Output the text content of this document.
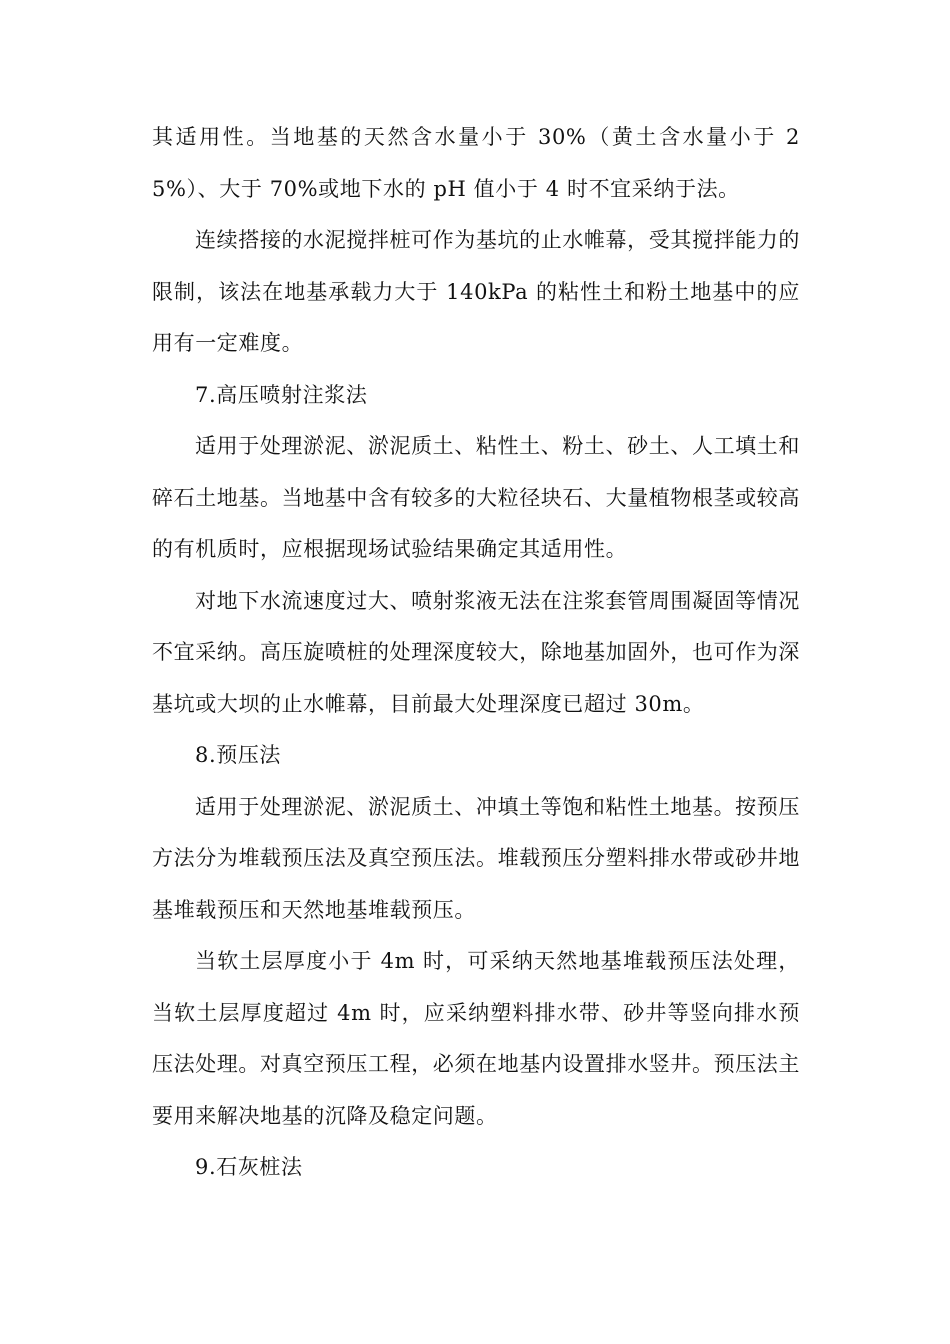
其适用性。当地基的天然含水量小于 30%（黄土含水量小于 25%）、大于 70%或地下水的 pH 值小于 4 时不宜采纳于法。

连续搭接的水泥搅拌桩可作为基坑的止水帷幕，受其搅拌能力的限制，该法在地基承载力大于 140kPa 的粘性土和粉土地基中的应用有一定难度。

7.高压喷射注浆法

适用于处理淤泥、淤泥质土、粘性土、粉土、砂土、人工填土和碎石土地基。当地基中含有较多的大粒径块石、大量植物根茎或较高的有机质时，应根据现场试验结果确定其适用性。

对地下水流速度过大、喷射浆液无法在注浆套管周围凝固等情况不宜采纳。高压旋喷桩的处理深度较大，除地基加固外，也可作为深基坑或大坝的止水帷幕，目前最大处理深度已超过 30m。

8.预压法

适用于处理淤泥、淤泥质土、冲填土等饱和粘性土地基。按预压方法分为堆载预压法及真空预压法。堆载预压分塑料排水带或砂井地基堆载预压和天然地基堆载预压。

当软土层厚度小于 4m 时，可采纳天然地基堆载预压法处理，当软土层厚度超过 4m 时，应采纳塑料排水带、砂井等竖向排水预压法处理。对真空预压工程，必须在地基内设置排水竖井。预压法主要用来解决地基的沉降及稳定问题。

9.石灰桩法
